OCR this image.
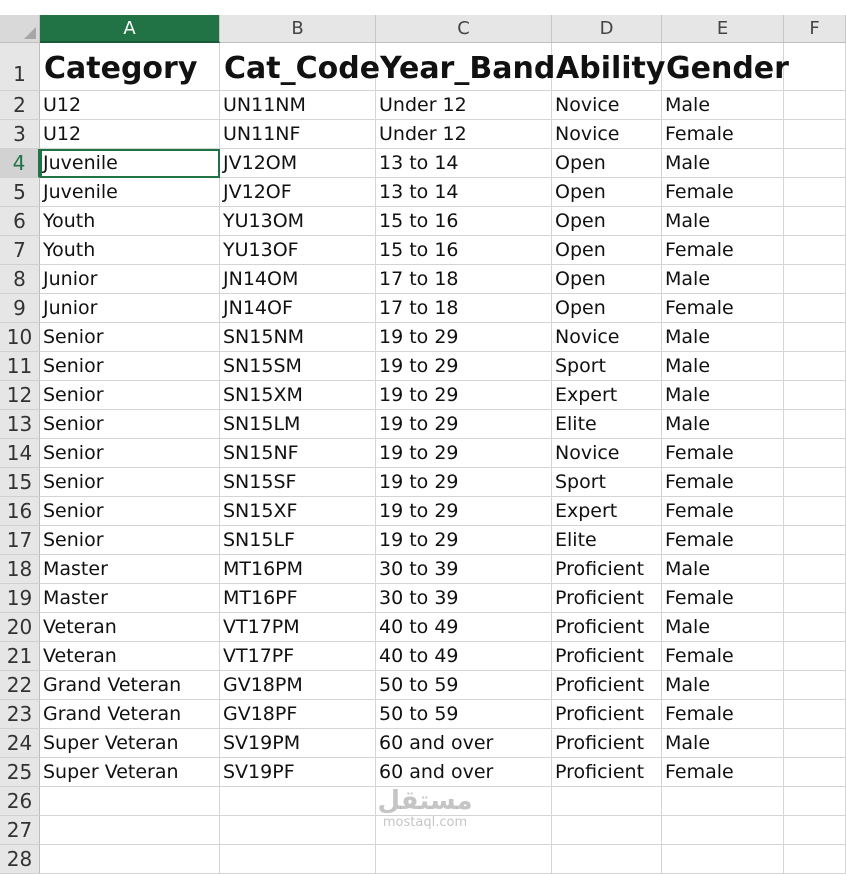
A	B	C	D	E	F
1 Category Cat_Code Year_Band Ability Gender
2 U12	UN11NM	Under 12	Novice	Male
3 U12	UN11NF	Under 12	Novice	Female
4 Juvenile	JV12OM	13 to 14	Open	Male
5 Juvenile	JV12OF	13 to 14	Open	Female
6 Youth	YU13OM	15 to 16	Open	Male
7 Youth	YU13OF	15 to 16	Open	Female
8 Junior	JN14OM	17 to 18	Open	Male
9 Junior	JN14OF	17 to 18	Open	Female
10 Senior	SN15NM	19 to 29	Novice	Male
11 Senior	SN15SM	19 to 29	Sport	Male
12 Senior	SN15XM	19 to 29	Expert	Male
13 Senior	SN15LM	19 to 29	Elite	Male
14 Senior	SN15NF	19 to 29	Novice	Female
15 Senior	SN15SF	19 to 29	Sport	Female
16 Senior	SN15XF	19 to 29	Expert	Female
17 Senior	SN15LF	19 to 29	Elite	Female
18 Master	MT16PM	30 to 39	Proficient	Male
19 Master	MT16PF	30 to 39	Proficient	Female
20 Veteran	VT17PM	40 to 49	Proficient	Male
21 Veteran	VT17PF	40 to 49	Proficient	Female
22 Grand Veteran	GV18PM	50 to 59	Proficient	Male
23 Grand Veteran	GV18PF	50 to 59	Proficient	Female
24 Super Veteran	SV19PM	60 and over	Proficient	Male
25 Super Veteran	SV19PF	60 and over	Proficient	Female
26
27
28
مستقل
mostaql.com
